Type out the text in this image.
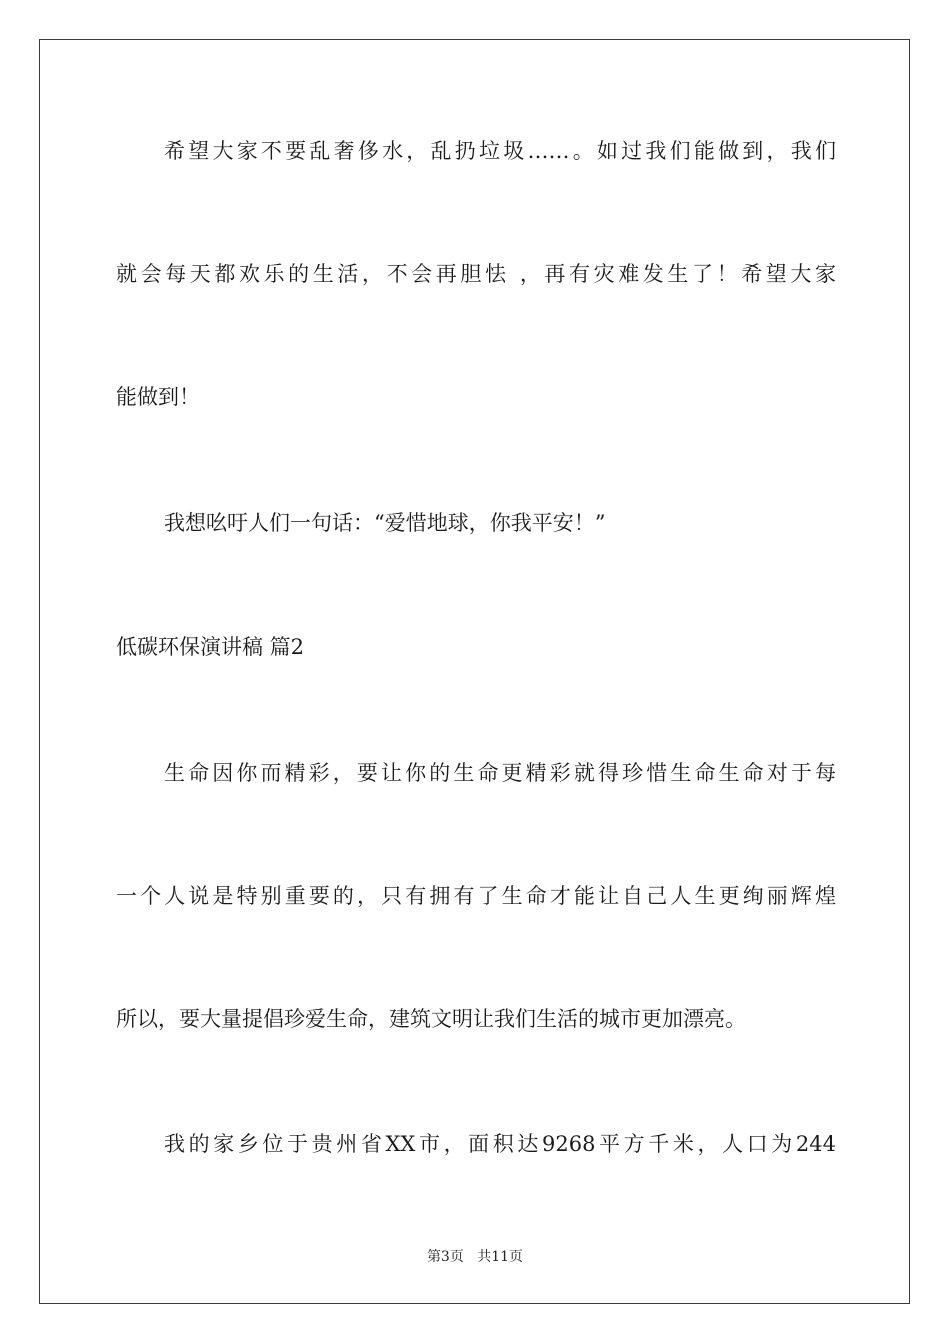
希望大家不要乱奢侈水，乱扔垃圾……。如过我们能做到，我们
就会每天都欢乐的生活，不会再胆怯 ，再有灾难发生了！希望大家
能做到！
我想吆吁人们一句话：“爱惜地球，你我平安！”
低碳环保演讲稿 篇2
生命因你而精彩，要让你的生命更精彩就得珍惜生命生命对于每
一个人说是特别重要的，只有拥有了生命才能让自己人生更绚丽辉煌
所以，要大量提倡珍爱生命，建筑文明让我们生活的城市更加漂亮。
我的家乡位于贵州省XX市，面积达9268平方千米，人口为244
第3页 共11页
